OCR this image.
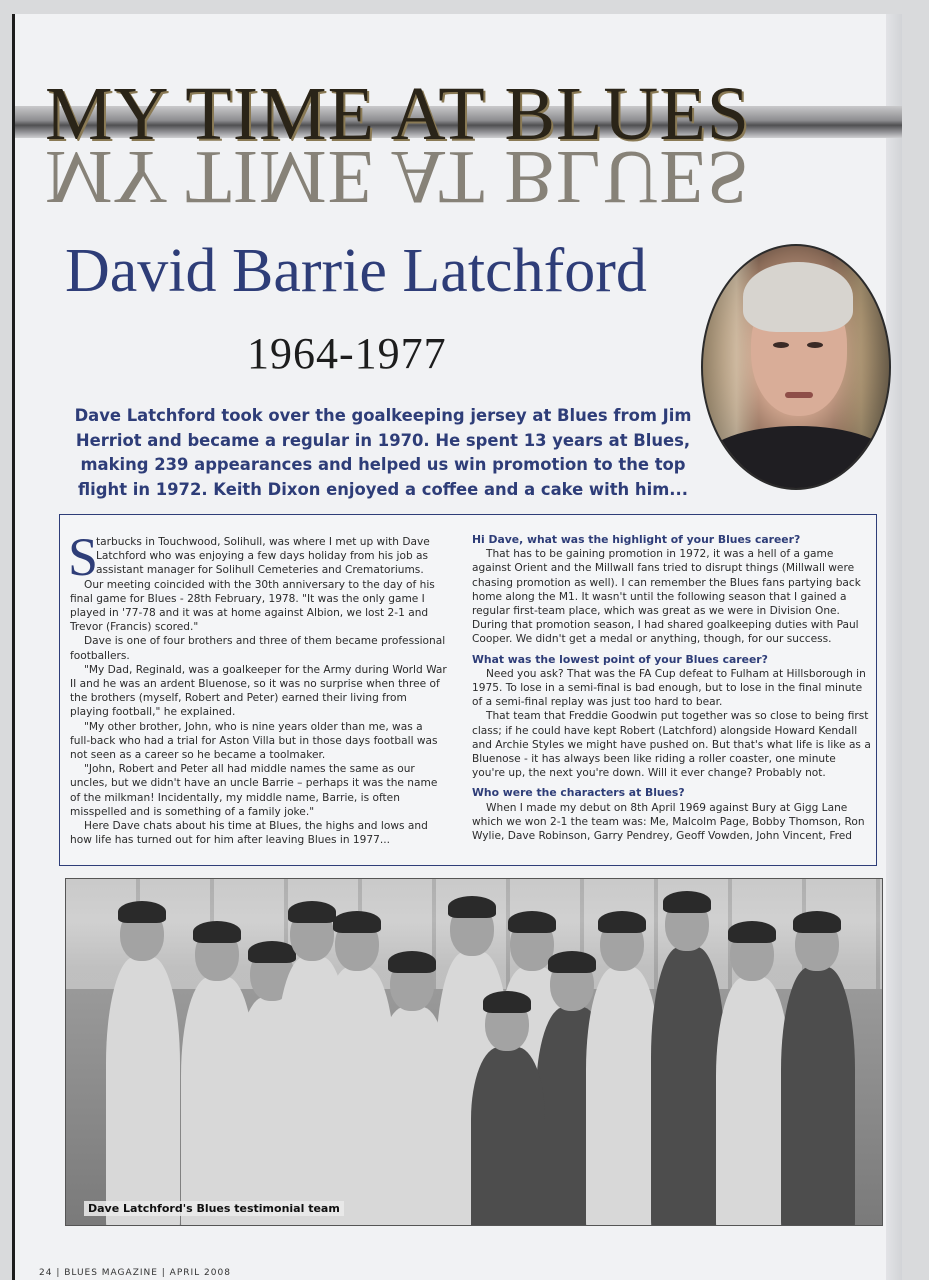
MY TIME AT BLUES
MY TIME AT BLUES
David Barrie Latchford
1964-1977
Dave Latchford took over the goalkeeping jersey at Blues from Jim Herriot and became a regular in 1970. He spent 13 years at Blues, making 239 appearances and helped us win promotion to the top flight in 1972. Keith Dixon enjoyed a coffee and a cake with him...
S

tarbucks in Touchwood, Solihull, was where I met up with Dave

Latchford who was enjoying a few days holiday from his job as

assistant manager for Solihull Cemeteries and Crematoriums.

Our meeting coincided with the 30th anniversary to the day of his

final game for Blues - 28th February, 1978. "It was the only game I

played in '77-78 and it was at home against Albion, we lost 2-1 and

Trevor (Francis) scored."

Dave is one of four brothers and three of them became professional

footballers.

"My Dad, Reginald, was a goalkeeper for the Army during World War

II and he was an ardent Bluenose, so it was no surprise when three of

the brothers (myself, Robert and Peter) earned their living from

playing football," he explained.

"My other brother, John, who is nine years older than me, was a

full-back who had a trial for Aston Villa but in those days football was

not seen as a career so he became a toolmaker.

"John, Robert and Peter all had middle names the same as our

uncles, but we didn't have an uncle Barrie – perhaps it was the name

of the milkman! Incidentally, my middle name, Barrie, is often

misspelled and is something of a family joke."

Here Dave chats about his time at Blues, the highs and lows and

how life has turned out for him after leaving Blues in 1977...

Hi Dave, what was the highlight of your Blues career?

That has to be gaining promotion in 1972, it was a hell of a game

against Orient and the Millwall fans tried to disrupt things (Millwall were

chasing promotion as well). I can remember the Blues fans partying back

home along the M1. It wasn't until the following season that I gained a

regular first-team place, which was great as we were in Division One.

During that promotion season, I had shared goalkeeping duties with Paul

Cooper. We didn't get a medal or anything, though, for our success.

What was the lowest point of your Blues career?

Need you ask? That was the FA Cup defeat to Fulham at Hillsborough in

1975. To lose in a semi-final is bad enough, but to lose in the final minute

of a semi-final replay was just too hard to bear.

That team that Freddie Goodwin put together was so close to being first

class; if he could have kept Robert (Latchford) alongside Howard Kendall

and Archie Styles we might have pushed on. But that's what life is like as a

Bluenose - it has always been like riding a roller coaster, one minute

you're up, the next you're down. Will it ever change? Probably not.

Who were the characters at Blues?

When I made my debut on 8th April 1969 against Bury at Gigg Lane

which we won 2-1 the team was: Me, Malcolm Page, Bobby Thomson, Ron

Wylie, Dave Robinson, Garry Pendrey, Geoff Vowden, John Vincent, Fred

Dave Latchford's Blues testimonial team
24 | BLUES MAGAZINE | APRIL 2008
